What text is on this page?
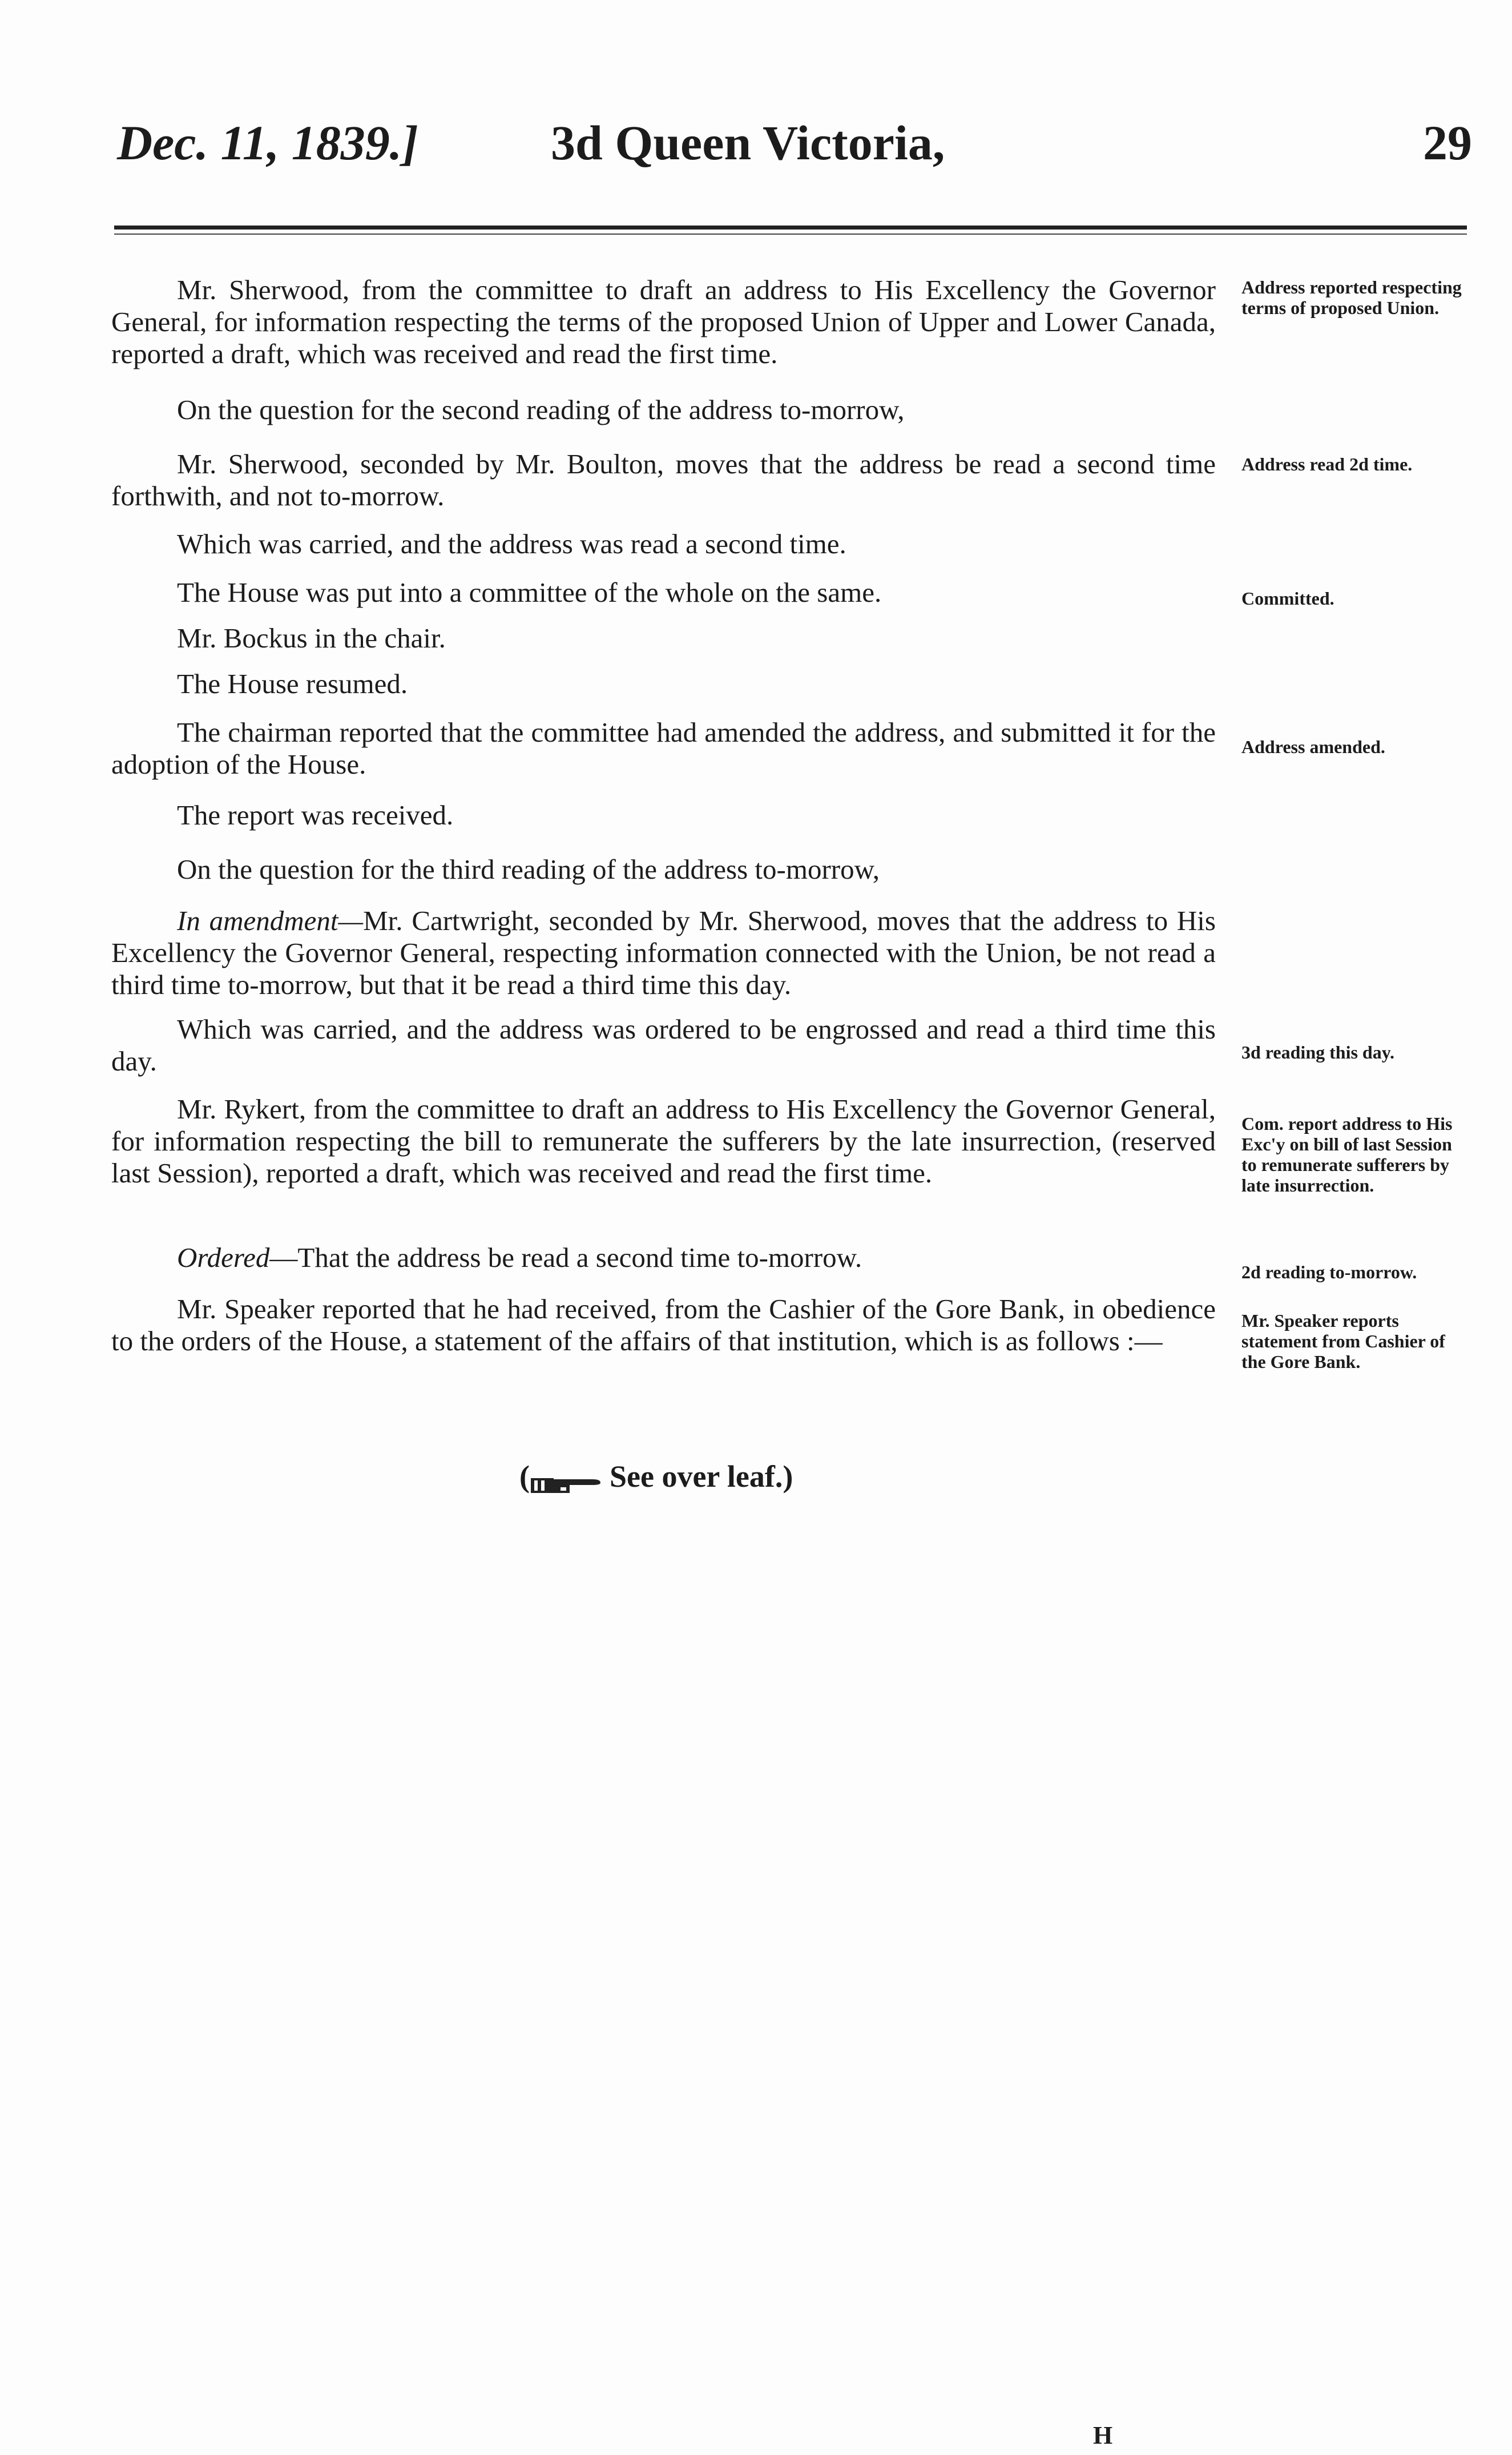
Dec. 11, 1839.]	3d Queen Victoria,	29
Mr. Sherwood, from the committee to draft an address to His Excellency the Governor General, for information respecting the terms of the proposed Union of Upper and Lower Canada, reported a draft, which was received and read the first time.
On the question for the second reading of the address to-morrow,
Mr. Sherwood, seconded by Mr. Boulton, moves that the address be read a second time forthwith, and not to-morrow.
Which was carried, and the address was read a second time.
The House was put into a committee of the whole on the same.
Mr. Bockus in the chair.
The House resumed.
The chairman reported that the committee had amended the address, and submitted it for the adoption of the House.
The report was received.
On the question for the third reading of the address to-morrow,
In amendment—Mr. Cartwright, seconded by Mr. Sherwood, moves that the address to His Excellency the Governor General, respecting information connected with the Union, be not read a third time to-morrow, but that it be read a third time this day.
Which was carried, and the address was ordered to be engrossed and read a third time this day.
Mr. Rykert, from the committee to draft an address to His Excellency the Governor General, for information respecting the bill to remunerate the sufferers by the late insurrection, (reserved last Session), reported a draft, which was received and read the first time.
Ordered—That the address be read a second time to-morrow.
Mr. Speaker reported that he had received, from the Cashier of the Gore Bank, in obedience to the orders of the House, a statement of the affairs of that institution, which is as follows :—
Address reported respecting terms of proposed Union.
Address read 2d time.
Committed.
Address amended.
3d reading this day.
Com. report address to His Exc'y on bill of last Session to remunerate sufferers by late insurrection.
2d reading to-morrow.
Mr. Speaker reports statement from Cashier of the Gore Bank.
(	See over leaf.)
H
